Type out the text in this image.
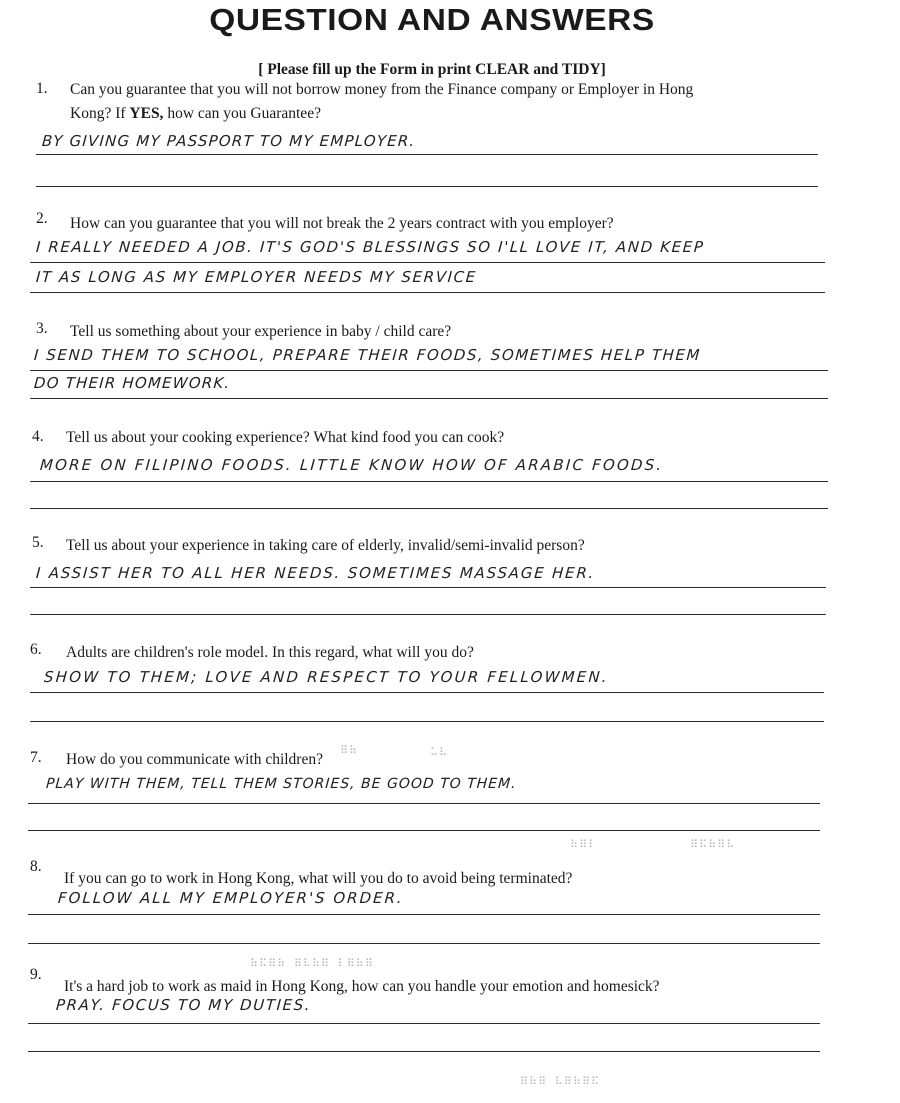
QUESTION AND ANSWERS
[ Please fill up the Form in print CLEAR and TIDY]
1. Can you guarantee that you will not borrow money from the Finance company or Employer in Hong
Kong? If YES, how can you Guarantee?
BY GIVING MY PASSPORT TO MY EMPLOYER.
2. How can you guarantee that you will not break the 2 years contract with you employer?
I REALLY NEEDED A JOB. IT'S GOD'S BLESSINGS SO I'LL LOVE IT, AND KEEP
IT AS LONG AS MY EMPLOYER NEEDS MY SERVICE
3. Tell us something about your experience in baby / child care?
I SEND THEM TO SCHOOL, PREPARE THEIR FOODS, SOMETIMES HELP THEM
DO THEIR HOMEWORK.
4. Tell us about your cooking experience? What kind food you can cook?
MORE ON FILIPINO FOODS. LITTLE KNOW HOW OF ARABIC FOODS.
5. Tell us about your experience in taking care of elderly, invalid/semi-invalid person?
I ASSIST HER TO ALL HER NEEDS. SOMETIMES MASSAGE HER.
6. Adults are children's role model. In this regard, what will you do?
SHOW TO THEM; LOVE AND RESPECT TO YOUR FELLOWMEN.
7. How do you communicate with children?
⠿⠷	⠥⠧
PLAY WITH THEM, TELL THEM STORIES, BE GOOD TO THEM.
⠷⠿⠇	⠿⠯⠷⠿⠧
8.
If you can go to work in Hong Kong, what will you do to avoid being terminated?
FOLLOW ALL MY EMPLOYER'S ORDER.
⠷⠯⠿⠷ ⠿⠧⠷⠿ ⠇⠿⠷⠿
9.
It's a hard job to work as maid in Hong Kong, how can you handle your emotion and homesick?
PRAY. FOCUS TO MY DUTIES.
⠿⠷⠿ ⠧⠿⠷⠿⠯
